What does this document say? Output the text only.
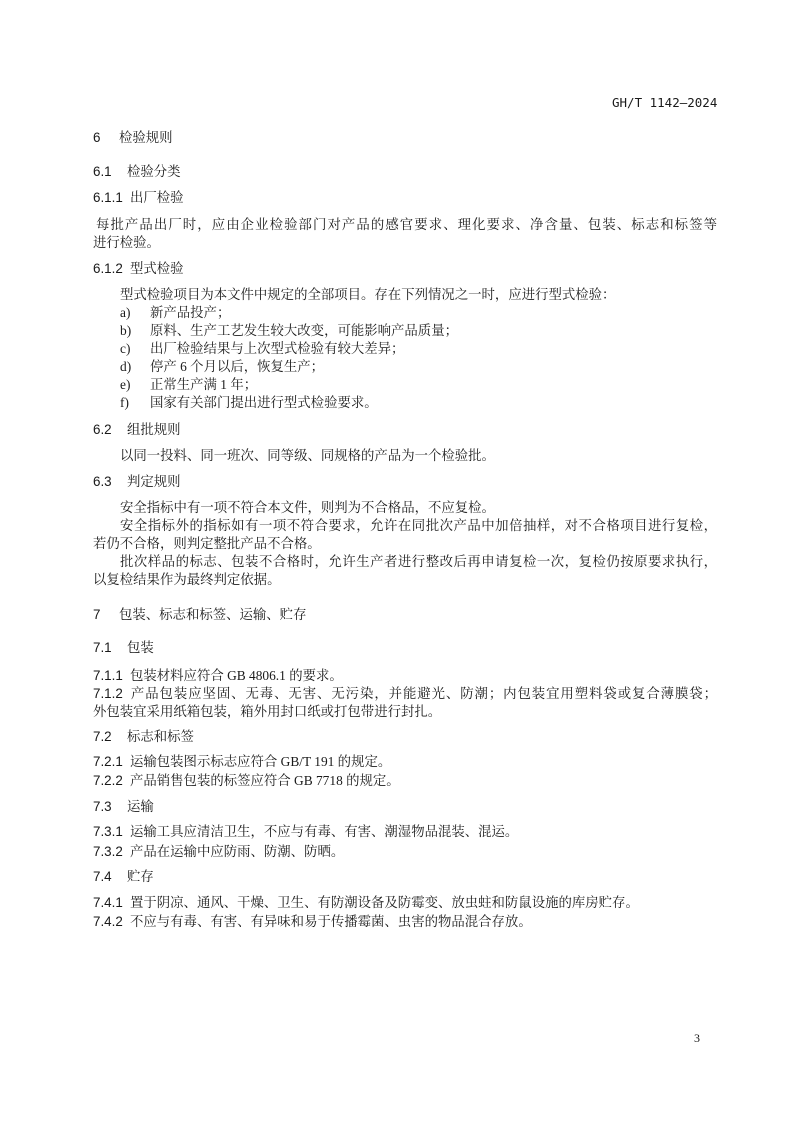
GH/T 1142—2024
6 检验规则
6.1 检验分类
6.1.1 出厂检验
每批产品出厂时，应由企业检验部门对产品的感官要求、理化要求、净含量、包装、标志和标签等
进行检验。
6.1.2 型式检验
型式检验项目为本文件中规定的全部项目。存在下列情况之一时，应进行型式检验：
a) 新产品投产；
b) 原料、生产工艺发生较大改变，可能影响产品质量；
c) 出厂检验结果与上次型式检验有较大差异；
d) 停产 6 个月以后，恢复生产；
e) 正常生产满 1 年；
f) 国家有关部门提出进行型式检验要求。
6.2 组批规则
以同一投料、同一班次、同等级、同规格的产品为一个检验批。
6.3 判定规则
安全指标中有一项不符合本文件，则判为不合格品，不应复检。
安全指标外的指标如有一项不符合要求，允许在同批次产品中加倍抽样，对不合格项目进行复检，
若仍不合格，则判定整批产品不合格。
批次样品的标志、包装不合格时，允许生产者进行整改后再申请复检一次，复检仍按原要求执行，
以复检结果作为最终判定依据。
7 包装、标志和标签、运输、贮存
7.1 包装
7.1.1 包装材料应符合 GB 4806.1 的要求。
7.1.2 产品包装应坚固、无毒、无害、无污染，并能避光、防潮；内包装宜用塑料袋或复合薄膜袋；
外包装宜采用纸箱包装，箱外用封口纸或打包带进行封扎。
7.2 标志和标签
7.2.1 运输包装图示标志应符合 GB/T 191 的规定。
7.2.2 产品销售包装的标签应符合 GB 7718 的规定。
7.3 运输
7.3.1 运输工具应清洁卫生，不应与有毒、有害、潮湿物品混装、混运。
7.3.2 产品在运输中应防雨、防潮、防晒。
7.4 贮存
7.4.1 置于阴凉、通风、干燥、卫生、有防潮设备及防霉变、放虫蛀和防鼠设施的库房贮存。
7.4.2 不应与有毒、有害、有异味和易于传播霉菌、虫害的物品混合存放。
3
